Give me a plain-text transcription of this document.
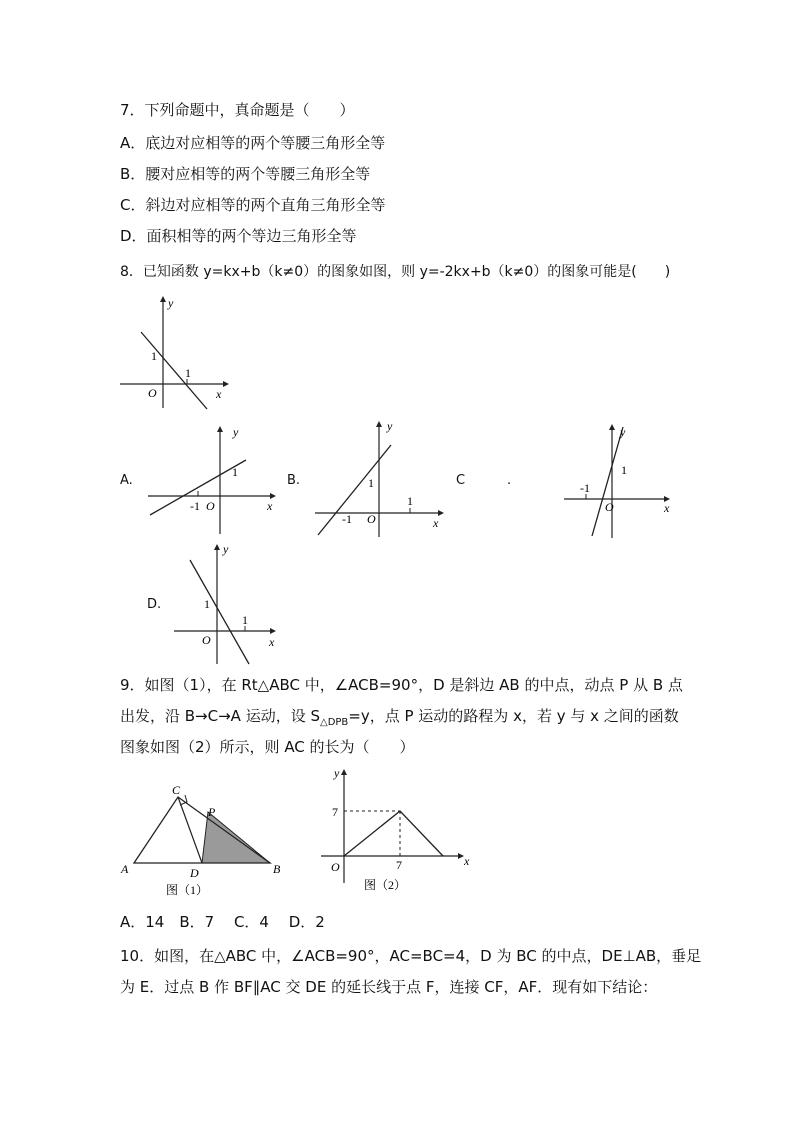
7．下列命题中，真命题是（　　）
A．底边对应相等的两个等腰三角形全等
B．腰对应相等的两个等腰三角形全等
C．斜边对应相等的两个直角三角形全等
D．面积相等的两个等边三角形全等
8．已知函数 y=kx+b（k≠0）的图象如图，则 y=-2kx+b（k≠0）的图象可能是(　　)
y
x
O
1
1
A.
y
x
O
1
-1
B.
y
x
O
1
1
-1
C	.
y
x
O
1
-1
D.
y
x
O
1
1
9．如图（1），在 Rt△ABC 中，∠ACB=90°，D 是斜边 AB 的中点，动点 P 从 B 点
出发，沿 B→C→A 运动，设 $S_{\triangle DPB}=y$，点 P 运动的路程为 x，若 y 与 x 之间的函数
图象如图（2）所示，则 AC 的长为（　　）
C
P
A	D	B
图（1）
y
x
O
7
7
图（2）
A．14　B．7　 C．4　 D．2
10．如图，在△ABC 中，∠ACB=90°，AC=BC=4，D 为 BC 的中点，DE⊥AB，垂足
为 E．过点 B 作 BF∥AC 交 DE 的延长线于点 F，连接 CF，AF．现有如下结论：
